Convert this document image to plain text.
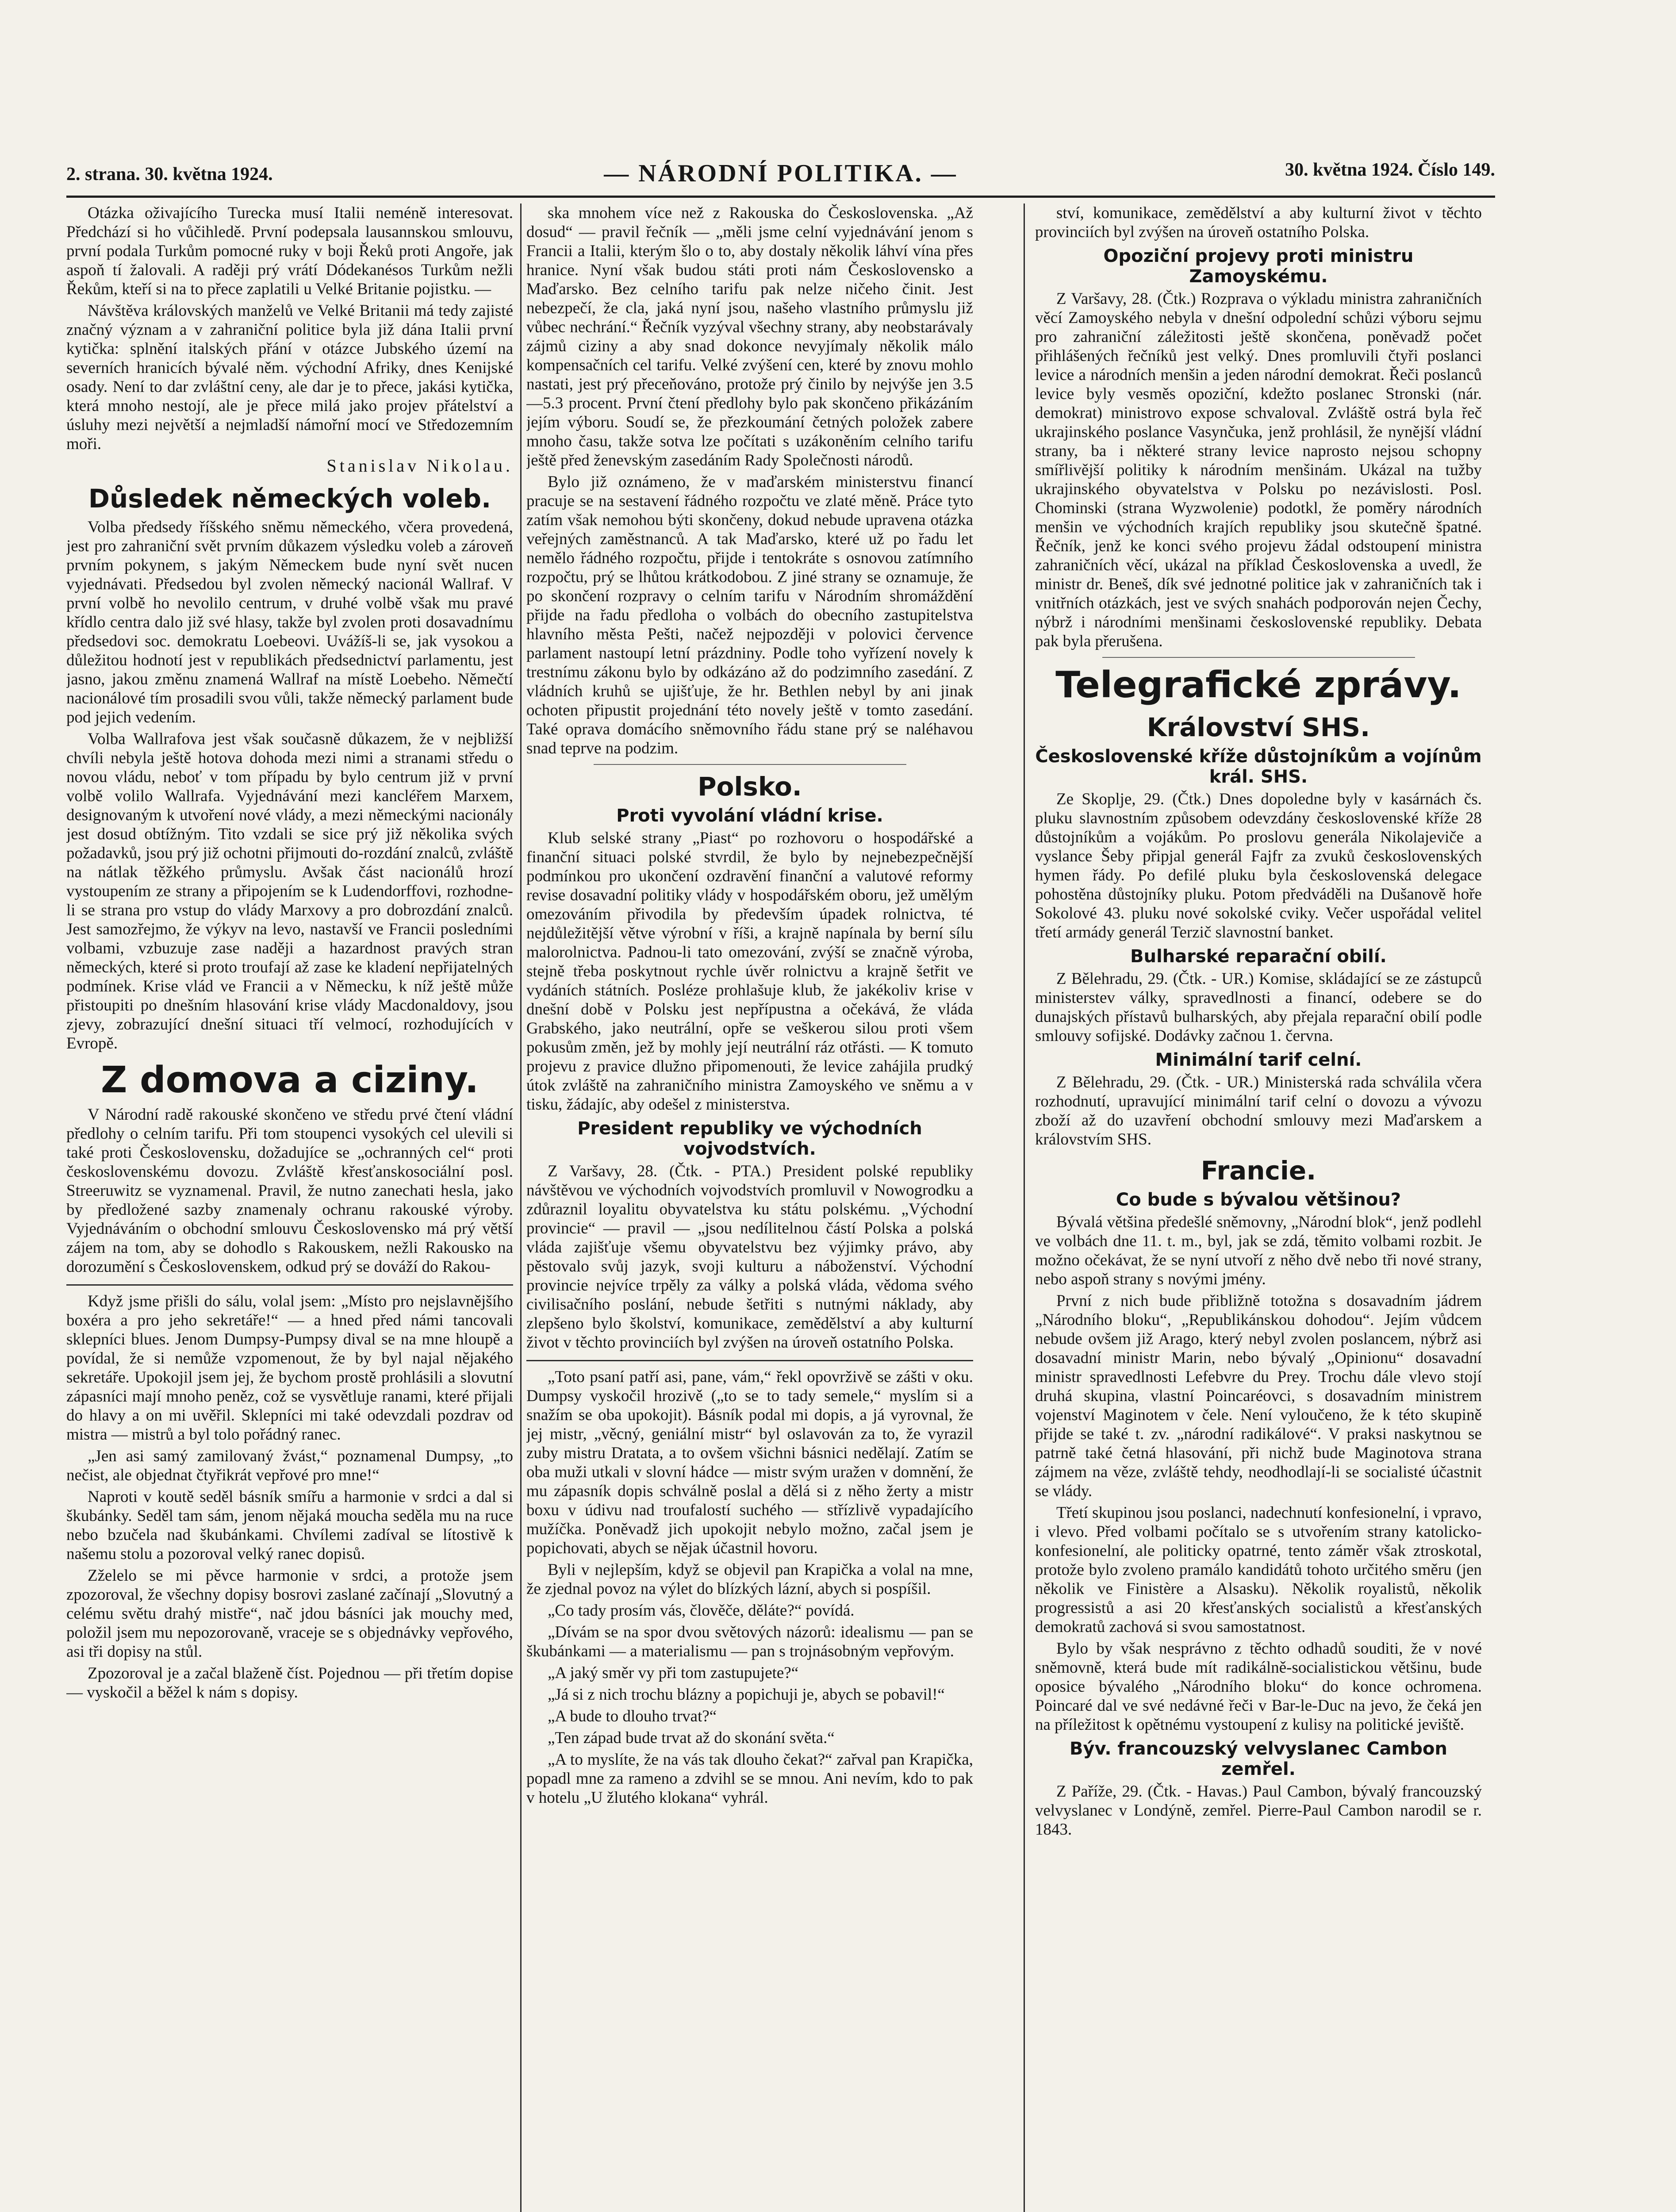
2. strana. 30. května 1924.	— NÁRODNÍ POLITIKA. —	30. května 1924. Číslo 149.

Otázka oživajícího Turecka musí Italii neméně interesovat. Předchází si ho vůčihledě. První podepsala lausannskou smlouvu, první podala Turkům pomocné ruky v boji Řeků proti Angoře, jak aspoň tí žalovali. A raději prý vrátí Dódekanésos Turkům nežli Řekům, kteří si na to přece zaplatili u Velké Britanie pojistku. —

Návštěva královských manželů ve Velké Britanii má tedy zajisté značný význam a v zahraniční politice byla již dána Italii první kytička: splnění italských přání v otázce Jubského území na severních hranicích bývalé něm. východní Afriky, dnes Kenijské osady. Není to dar zvláštní ceny, ale dar je to přece, jakási kytička, která mnoho nestojí, ale je přece milá jako projev přátelství a úsluhy mezi největší a nejmladší námořní mocí ve Středozemním moři.

Stanislav Nikolau.
Důsledek německých voleb.

Volba předsedy říšského sněmu německého, včera provedená, jest pro zahraniční svět prvním důkazem výsledku voleb a zároveň prvním pokynem, s jakým Německem bude nyní svět nucen vyjednávati. Předsedou byl zvolen německý nacionál Wallraf. V první volbě ho nevolilo centrum, v druhé volbě však mu pravé křídlo centra dalo již své hlasy, takže byl zvolen proti dosavadnímu předsedovi soc. demokratu Loebeovi. Uvážíš-li se, jak vysokou a důležitou hodnotí jest v republikách předsednictví parlamentu, jest jasno, jakou změnu znamená Wallraf na místě Loebeho. Němečtí nacionálové tím prosadili svou vůli, takže německý parlament bude pod jejich vedením.

Volba Wallrafova jest však současně důkazem, že v nejbližší chvíli nebyla ještě hotova dohoda mezi nimi a stranami středu o novou vládu, neboť v tom případu by bylo centrum již v první volbě volilo Wallrafa. Vyjednávání mezi kancléřem Marxem, designovaným k utvoření nové vlády, a mezi německými nacionály jest dosud obtížným. Tito vzdali se sice prý již několika svých požadavků, jsou prý již ochotni přijmouti do-rozdání znalců, zvláště na nátlak těžkého průmyslu. Avšak část nacionálů hrozí vystoupením ze strany a připojením se k Ludendorffovi, rozhodne-li se strana pro vstup do vlády Marxovy a pro dobrozdání znalců. Jest samozřejmo, že výkyv na levo, nastavší ve Francii posledními volbami, vzbuzuje zase naději a hazardnost pravých stran německých, které si proto troufají až zase ke kladení nepřijatelných podmínek. Krise vlád ve Francii a v Německu, k níž ještě může přistoupiti po dnešním hlasování krise vlády Macdonaldovy, jsou zjevy, zobrazující dnešní situaci tří velmocí, rozhodujících v Evropě.

Z domova a ciziny.

V Národní radě rakouské skončeno ve středu prvé čtení vládní předlohy o celním tarifu. Při tom stoupenci vysokých cel ulevili si také proti Československu, dožadujíce se „ochranných cel“ proti československému dovozu. Zvláště křesťanskosociální posl. Streeruwitz se vyznamenal. Pravil, že nutno zanechati hesla, jako by předložené sazby znamenaly ochranu rakouské výroby. Vyjednáváním o obchodní smlouvu Československo má prý větší zájem na tom, aby se dohodlo s Rakouskem, nežli Rakousko na dorozumění s Československem, odkud prý se dováží do Rakou-

Když jsme přišli do sálu, volal jsem: „Místo pro nejslavnějšího boxéra a pro jeho sekretáře!“ — a hned před námi tancovali sklepníci blues. Jenom Dumpsy-Pumpsy dival se na mne hloupě a povídal, že si nemůže vzpomenout, že by byl najal nějakého sekretáře. Upokojil jsem jej, že bychom prostě prohlásili a slovutní zápasníci mají mnoho peněz, což se vysvětluje ranami, které přijali do hlavy a on mi uvěřil. Sklepníci mi také odevzdali pozdrav od mistra — mistrů a byl tolo pořádný ranec.

„Jen asi samý zamilovaný žvást,“ poznamenal Dumpsy, „to nečist, ale objednat čtyřikrát vepřové pro mne!“

Naproti v koutě seděl básník smířu a harmonie v srdci a dal si škubánky. Seděl tam sám, jenom nějaká moucha seděla mu na ruce nebo bzučela nad škubánkami. Chvílemi zadíval se lítostivě k našemu stolu a pozoroval velký ranec dopisů.

Zželelo se mi pěvce harmonie v srdci, a protože jsem zpozoroval, že všechny dopisy bosrovi zaslané začínají „Slovutný a celému světu drahý mistře“, nač jdou básníci jak mouchy med, položil jsem mu nepozorovaně, vraceje se s objednávky vepřového, asi tři dopisy na stůl.

Zpozoroval je a začal blaženě číst. Pojednou — při třetím dopise — vyskočil a běžel k nám s dopisy.

ska mnohem více než z Rakouska do Československa. „Až dosud“ — pravil řečník — „měli jsme celní vyjednávání jenom s Francii a Italii, kterým šlo o to, aby dostaly několik láhví vína přes hranice. Nyní však budou státi proti nám Československo a Maďarsko. Bez celního tarifu pak nelze ničeho činit. Jest nebezpečí, že cla, jaká nyní jsou, našeho vlastního průmyslu již vůbec nechrání.“ Řečník vyzýval všechny strany, aby neobstarávaly zájmů ciziny a aby snad dokonce nevyjímaly několik málo kompensačních cel tarifu. Velké zvýšení cen, které by znovu mohlo nastati, jest prý přeceňováno, protože prý činilo by nejvýše jen 3.5—5.3 procent. První čtení předlohy bylo pak skončeno přikázáním jejím výboru. Soudí se, že přezkoumání četných položek zabere mnoho času, takže sotva lze počítati s uzákoněním celního tarifu ještě před ženevským zasedáním Rady Společnosti národů.

Bylo již oznámeno, že v maďarském ministerstvu financí pracuje se na sestavení řádného rozpočtu ve zlaté měně. Práce tyto zatím však nemohou býti skončeny, dokud nebude upravena otázka veřejných zaměstnanců. A tak Maďarsko, které už po řadu let nemělo řádného rozpočtu, přijde i tentokráte s osnovou zatímního rozpočtu, prý se lhůtou krátkodobou. Z jiné strany se oznamuje, že po skončení rozpravy o celním tarifu v Národním shromáždění přijde na řadu předloha o volbách do obecního zastupitelstva hlavního města Pešti, načež nejpozději v polovici července parlament nastoupí letní prázdniny. Podle toho vyřízení novely k trestnímu zákonu bylo by odkázáno až do podzimního zasedání. Z vládních kruhů se ujišťuje, že hr. Bethlen nebyl by ani jinak ochoten připustit projednání této novely ještě v tomto zasedání. Také oprava domácího sněmovního řádu stane prý se naléhavou snad teprve na podzim.

Polsko.
Proti vyvolání vládní krise.

Klub selské strany „Piast“ po rozhovoru o hospodářské a finanční situaci polské stvrdil, že bylo by nejnebezpečnější podmínkou pro ukončení ozdravění finanční a valutové reformy revise dosavadní politiky vlády v hospodářském oboru, jež umělým omezováním přivodila by především úpadek rolnictva, té nejdůležitější větve výrobní v říši, a krajně napínala by berní sílu malorolnictva. Padnou-li tato omezování, zvýší se značně výroba, stejně třeba poskytnout rychle úvěr rolnictvu a krajně šetřit ve vydáních státních. Posléze prohlašuje klub, že jakékoliv krise v dnešní době v Polsku jest nepřípustna a očekává, že vláda Grabského, jako neutrální, opře se veškerou silou proti všem pokusům změn, jež by mohly její neutrální ráz otřásti. — K tomuto projevu z pravice dlužno připomenouti, že levice zahájila prudký útok zvláště na zahraničního ministra Zamoyského ve sněmu a v tisku, žádajíc, aby odešel z ministerstva.

President republiky ve východních vojvodstvích.

Z Varšavy, 28. (Čtk. - PTA.) President polské republiky návštěvou ve východních vojvodstvích promluvil v Nowogrodku a zdůraznil loyalitu obyvatelstva ku státu polskému. „Východní provincie“ — pravil — „jsou nedílitelnou částí Polska a polská vláda zajišťuje všemu obyvatelstvu bez výjimky právo, aby pěstovalo svůj jazyk, svoji kulturu a náboženství. Východní provincie nejvíce trpěly za války a polská vláda, vědoma svého civilisačního poslání, nebude šetřiti s nutnými náklady, aby zlepšeno bylo školství, komunikace, zemědělství a aby kulturní život v těchto provinciích byl zvýšen na úroveň ostatního Polska.

„Toto psaní patří asi, pane, vám,“ řekl opovrživě se zášti v oku. Dumpsy vyskočil hrozivě („to se to tady semele,“ myslím si a snažím se oba upokojit). Básník podal mi dopis, a já vyrovnal, že jej mistr, „věcný, geniální mistr“ byl oslavován za to, že vyrazil zuby mistru Dratata, a to ovšem všichni básnici nedělají. Zatím se oba muži utkali v slovní hádce — mistr svým uražen v domnění, že mu zápasník dopis schválně poslal a dělá si z něho žerty a mistr boxu v údivu nad troufalostí suchého — střízlivě vypadajícího mužíčka. Poněvadž jich upokojit nebylo možno, začal jsem je popichovati, abych se nějak účastnil hovoru.

Byli v nejlepším, když se objevil pan Krapička a volal na mne, že zjednal povoz na výlet do blízkých lázní, abych si pospíšil.

„Co tady prosím vás, člověče, děláte?“ povídá.

„Dívám se na spor dvou světových názorů: idealismu — pan se škubánkami — a materialismu — pan s trojnásobným vepřovým.

„A jaký směr vy při tom zastupujete?“

„Já si z nich trochu blázny a popichuji je, abych se pobavil!“

„A bude to dlouho trvat?“

„Ten západ bude trvat až do skonání světa.“

„A to myslíte, že na vás tak dlouho čekat?“ zařval pan Krapička, popadl mne za rameno a zdvihl se se mnou. Ani nevím, kdo to pak v hotelu „U žlutého klokana“ vyhrál.

ství, komunikace, zemědělství a aby kulturní život v těchto provinciích byl zvýšen na úroveň ostatního Polska.

Opoziční projevy proti ministru Zamoyskému.

Z Varšavy, 28. (Čtk.) Rozprava o výkladu ministra zahraničních věcí Zamoyského nebyla v dnešní odpolední schůzi výboru sejmu pro zahraniční záležitosti ještě skončena, poněvadž počet přihlášených řečníků jest velký. Dnes promluvili čtyři poslanci levice a národních menšin a jeden národní demokrat. Řeči poslanců levice byly vesměs opoziční, kdežto poslanec Stronski (nár. demokrat) ministrovo expose schvaloval. Zvláště ostrá byla řeč ukrajinského poslance Vasynčuka, jenž prohlásil, že nynější vládní strany, ba i některé strany levice naprosto nejsou schopny smířlivější politiky k národním menšinám. Ukázal na tužby ukrajinského obyvatelstva v Polsku po nezávislosti. Posl. Chominski (strana Wyzwolenie) podotkl, že poměry národních menšin ve východních krajích republiky jsou skutečně špatné. Řečník, jenž ke konci svého projevu žádal odstoupení ministra zahraničních věcí, ukázal na příklad Československa a uvedl, že ministr dr. Beneš, dík své jednotné politice jak v zahraničních tak i vnitřních otázkách, jest ve svých snahách podporován nejen Čechy, nýbrž i národními menšinami československé republiky. Debata pak byla přerušena.

Telegrafické zprávy.
Království SHS.
Československé kříže důstojníkům a vojínům král. SHS.

Ze Skoplje, 29. (Čtk.) Dnes dopoledne byly v kasárnách čs. pluku slavnostním způsobem odevzdány československé kříže 28 důstojníkům a vojákům. Po proslovu generála Nikolajeviče a vyslance Šeby připjal generál Fajfr za zvuků československých hymen řády. Po defilé pluku byla československá delegace pohostěna důstojníky pluku. Potom předváděli na Dušanově hoře Sokolové 43. pluku nové sokolské cviky. Večer uspořádal velitel třetí armády generál Terzič slavnostní banket.

Bulharské reparační obilí.

Z Bělehradu, 29. (Čtk. - UR.) Komise, skládající se ze zástupců ministerstev války, spravedlnosti a financí, odebere se do dunajských přístavů bulharských, aby přejala reparační obilí podle smlouvy sofijské. Dodávky začnou 1. června.

Minimální tarif celní.

Z Bělehradu, 29. (Čtk. - UR.) Ministerská rada schválila včera rozhodnutí, upravující minimální tarif celní o dovozu a vývozu zboží až do uzavření obchodní smlouvy mezi Maďarskem a královstvím SHS.

Francie.
Co bude s bývalou většinou?

Bývalá většina předešlé sněmovny, „Národní blok“, jenž podlehl ve volbách dne 11. t. m., byl, jak se zdá, těmito volbami rozbit. Je možno očekávat, že se nyní utvoří z něho dvě nebo tři nové strany, nebo aspoň strany s novými jmény.

První z nich bude přibližně totožna s dosavadním jádrem „Národního bloku“, „Republikánskou dohodou“. Jejím vůdcem nebude ovšem již Arago, který nebyl zvolen poslancem, nýbrž asi dosavadní ministr Marin, nebo bývalý „Opinionu“ dosavadní ministr spravedlnosti Lefebvre du Prey. Trochu dále vlevo stojí druhá skupina, vlastní Poincaréovci, s dosavadním ministrem vojenství Maginotem v čele. Není vyloučeno, že k této skupině přijde se také t. zv. „národní radikálové“. V praksi naskytnou se patrně také četná hlasování, při nichž bude Maginotova strana zájmem na věze, zvláště tehdy, neodhodlají-li se socialisté účastnit se vlády.

Třetí skupinou jsou poslanci, nadechnutí konfesionelní, i vpravo, i vlevo. Před volbami počítalo se s utvořením strany katolicko-konfesionelní, ale politicky opatrné, tento záměr však ztroskotal, protože bylo zvoleno pramálo kandidátů tohoto určitého směru (jen několik ve Finistère a Alsasku). Několik royalistů, několik progressistů a asi 20 křesťanských socialistů a křesťanských demokratů zachová si svou samostatnost.

Bylo by však nesprávno z těchto odhadů souditi, že v nové sněmovně, která bude mít radikálně-socialistickou většinu, bude oposice bývalého „Národního bloku“ do konce ochromena. Poincaré dal ve své nedávné řeči v Bar-le-Duc na jevo, že čeká jen na příležitost k opětnému vystoupení z kulisy na politické jeviště.

Býv. francouzský velvyslanec Cambon zemřel.

Z Paříže, 29. (Čtk. - Havas.) Paul Cambon, bývalý francouzský velvyslanec v Londýně, zemřel. Pierre-Paul Cambon narodil se r. 1843.
